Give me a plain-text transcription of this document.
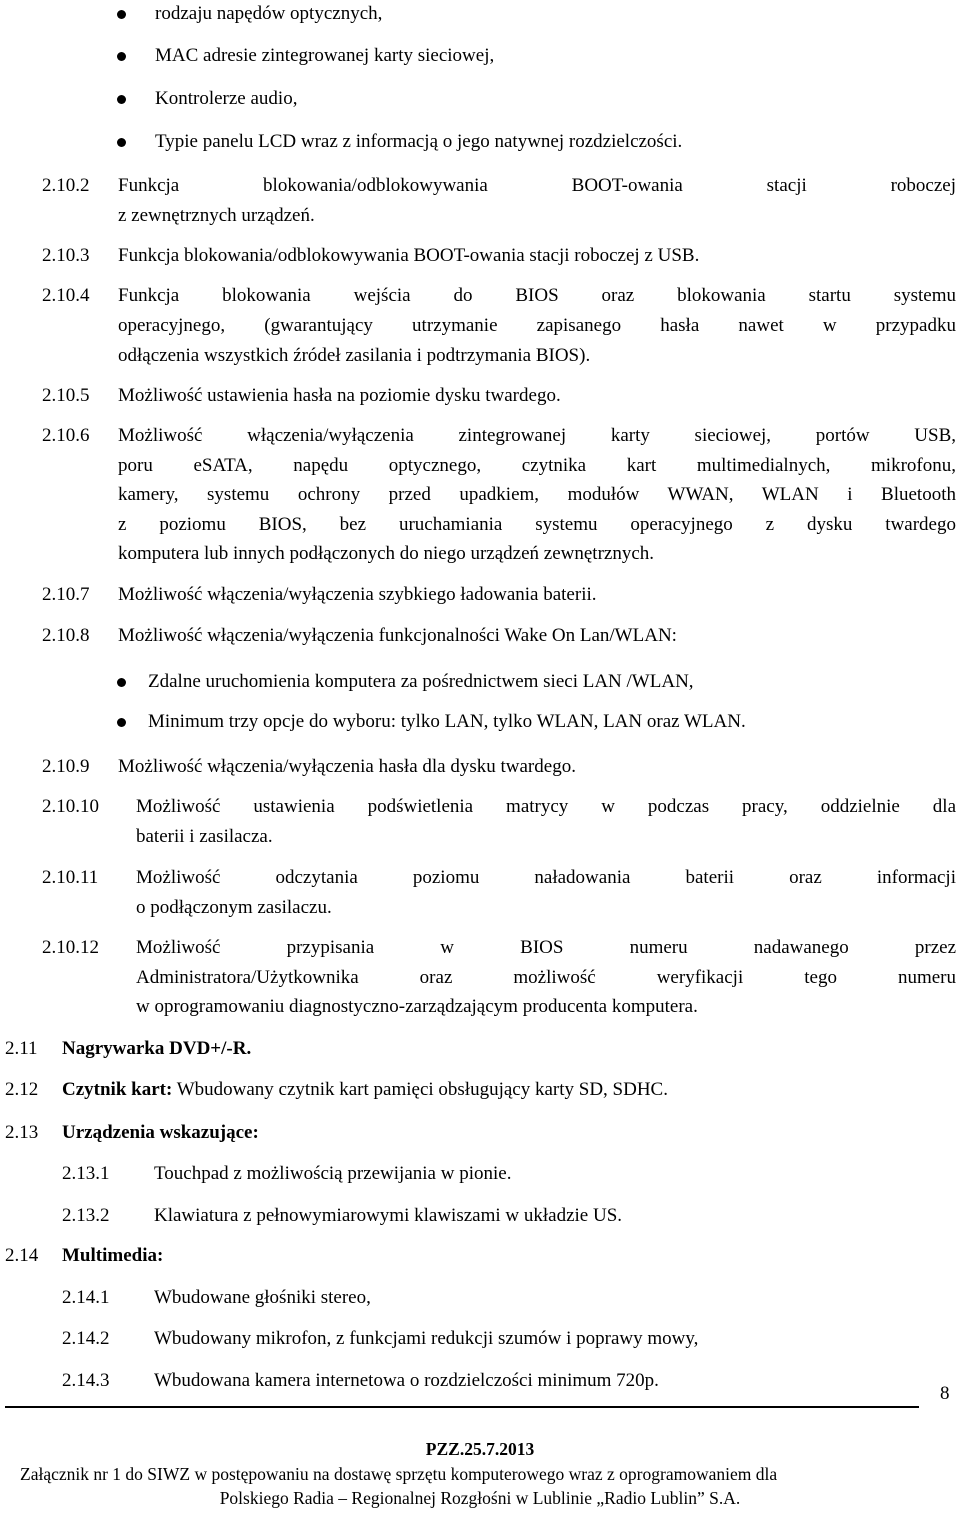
rodzaju napędów optycznych,
MAC adresie zintegrowanej karty sieciowej,
Kontrolerze audio,
Typie panelu LCD wraz z informacją o jego natywnej rozdzielczości.
2.10.2 Funkcja blokowania/odblokowywania BOOT-owania stacji roboczej
z zewnętrznych urządzeń.
2.10.3 Funkcja blokowania/odblokowywania BOOT-owania stacji roboczej z USB.
2.10.4 Funkcja blokowania wejścia do BIOS oraz blokowania startu systemu
operacyjnego, (gwarantujący utrzymanie zapisanego hasła nawet w przypadku
odłączenia wszystkich źródeł zasilania i podtrzymania BIOS).
2.10.5 Możliwość ustawienia hasła na poziomie dysku twardego.
2.10.6 Możliwość włączenia/wyłączenia zintegrowanej karty sieciowej, portów USB,
poru eSATA, napędu optycznego, czytnika kart multimedialnych, mikrofonu,
kamery, systemu ochrony przed upadkiem, modułów WWAN, WLAN i Bluetooth
z poziomu BIOS, bez uruchamiania systemu operacyjnego z dysku twardego
komputera lub innych podłączonych do niego urządzeń zewnętrznych.
2.10.7 Możliwość włączenia/wyłączenia szybkiego ładowania baterii.
2.10.8 Możliwość włączenia/wyłączenia funkcjonalności Wake On Lan/WLAN:
Zdalne uruchomienia komputera za pośrednictwem sieci LAN /WLAN,
Minimum trzy opcje do wyboru: tylko LAN, tylko WLAN, LAN oraz WLAN.
2.10.9 Możliwość włączenia/wyłączenia hasła dla dysku twardego.
2.10.10 Możliwość ustawienia podświetlenia matrycy w podczas pracy, oddzielnie dla
baterii i zasilacza.
2.10.11 Możliwość odczytania poziomu naładowania baterii oraz informacji
o podłączonym zasilaczu.
2.10.12 Możliwość przypisania w BIOS numeru nadawanego przez
Administratora/Użytkownika oraz możliwość weryfikacji tego numeru
w oprogramowaniu diagnostyczno-zarządzającym producenta komputera.
2.11 Nagrywarka DVD+/-R.
2.12 Czytnik kart: Wbudowany czytnik kart pamięci obsługujący karty SD, SDHC.
2.13 Urządzenia wskazujące:
2.13.1 Touchpad z możliwością przewijania w pionie.
2.13.2 Klawiatura z pełnowymiarowymi klawiszami w układzie US.
2.14 Multimedia:
2.14.1 Wbudowane głośniki stereo,
2.14.2 Wbudowany mikrofon, z funkcjami redukcji szumów i poprawy mowy,
2.14.3 Wbudowana kamera internetowa o rozdzielczości minimum 720p.
8
PZZ.25.7.2013
Załącznik nr 1 do SIWZ w postępowaniu na dostawę sprzętu komputerowego wraz z oprogramowaniem dla
Polskiego Radia – Regionalnej Rozgłośni w Lublinie „Radio Lublin” S.A.
